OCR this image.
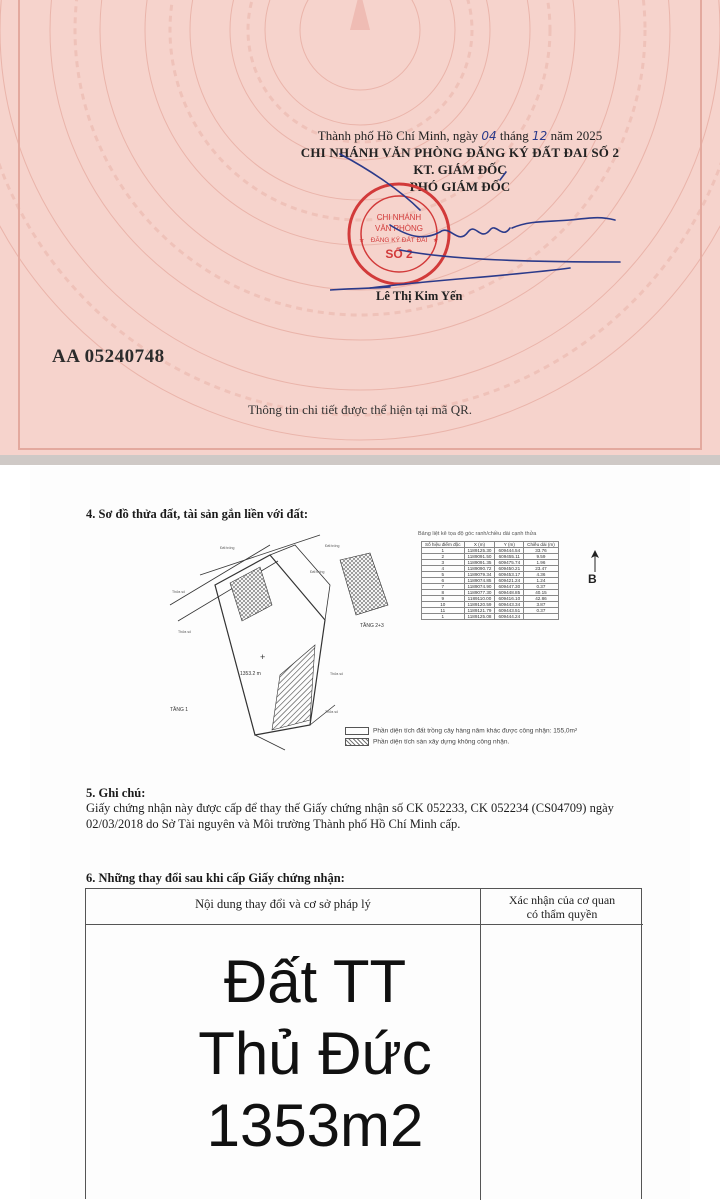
Thành phố Hồ Chí Minh, ngày 04 tháng 12 năm 2025
CHI NHÁNH VĂN PHÒNG ĐĂNG KÝ ĐẤT ĐAI SỐ 2
KT. GIÁM ĐỐC
PHÓ GIÁM ĐỐC
CHI NHÁNH
VĂN PHÒNG
ĐĂNG KÝ ĐẤT ĐAI
SỐ 2
★	★
Lê Thị Kim Yến
AA 05240748
Thông tin chi tiết được thể hiện tại mã QR.
4. Sơ đồ thửa đất, tài sản gắn liền với đất:
+
1353.2 m
TẦNG 1
TẦNG 2+3
Thửa số
Thửa số
Thửa số
Thửa số
Đất trống
Đất trống
Đất trống
Bảng liệt kê tọa độ góc ranh/chiều dài cạnh thửa
Số hiệu điểm độc	X (m)	Y (m)	Chiều dài (m)
1	1189125.30	609444.54	33.76
2	1189091.50	609455.11	9.59
3	1189091.35	609475.74	1.96
4	1189090.72	609450.21	23.47
5	1189079.34	609453.17	4.36
6	1189074.85	609421.24	1.24
7	1189074.90	609447.30	0.37
8	1189077.30	609448.85	40.15
9	1189110.00	609416.10	42.86
10	1189120.59	609443.34	3.87
11	1189121.79	609443.51	0.37
1	1189125.08	609444.24	
B
Phần diện tích đất trồng cây hàng năm khác được công nhận: 155,0m²
Phần diện tích sàn xây dựng không công nhận.
5. Ghi chú:
Giấy chứng nhận này được cấp để thay thế Giấy chứng nhận số CK 052233, CK 052234 (CS04709) ngày 02/03/2018 do Sở Tài nguyên và Môi trường Thành phố Hồ Chí Minh cấp.
6. Những thay đổi sau khi cấp Giấy chứng nhận:
Nội dung thay đổi và cơ sở pháp lý	Xác nhận của cơ quan
có thẩm quyền
Đất TT
Thủ Đức
1353m2
